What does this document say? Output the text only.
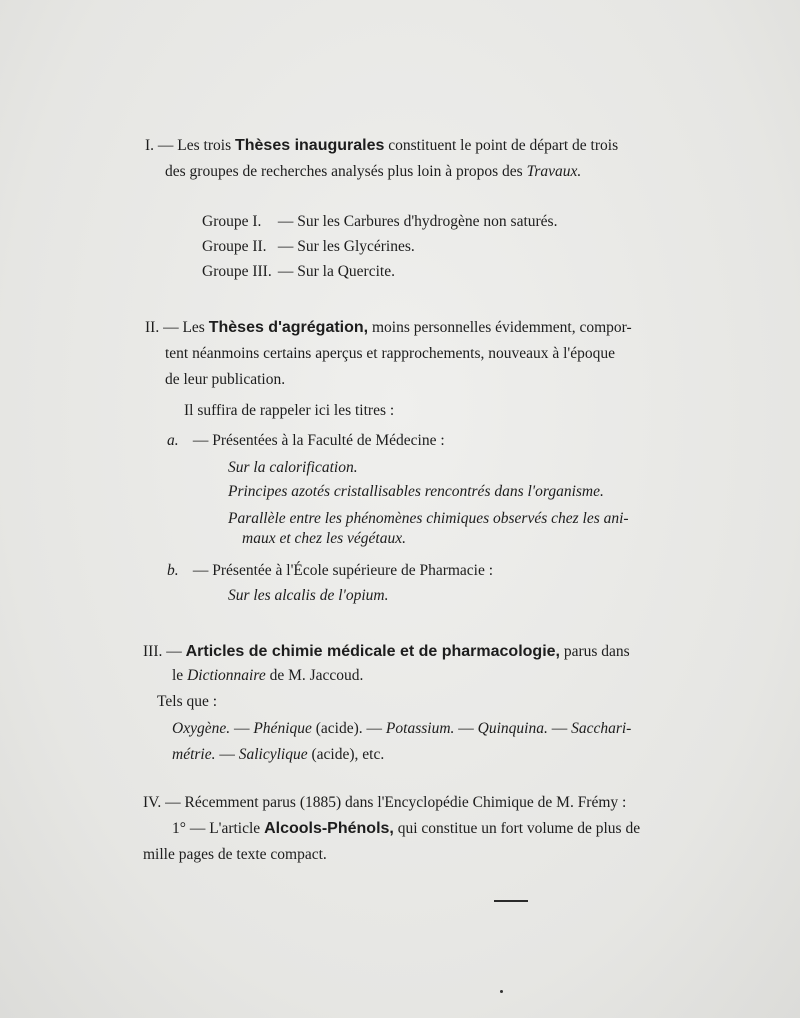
I. — Les trois Thèses inaugurales constituent le point de départ de trois
des groupes de recherches analysés plus loin à propos des Travaux.
Groupe I. — Sur les Carbures d'hydrogène non saturés.
Groupe II. — Sur les Glycérines.
Groupe III. — Sur la Quercite.
II. — Les Thèses d'agrégation, moins personnelles évidemment, compor-
tent néanmoins certains aperçus et rapprochements, nouveaux à l'époque
de leur publication.
Il suffira de rappeler ici les titres :
a. — Présentées à la Faculté de Médecine :
Sur la calorification.
Principes azotés cristallisables rencontrés dans l'organisme.
Parallèle entre les phénomènes chimiques observés chez les ani-
maux et chez les végétaux.
b. — Présentée à l'École supérieure de Pharmacie :
Sur les alcalis de l'opium.
III. — Articles de chimie médicale et de pharmacologie, parus dans
le Dictionnaire de M. Jaccoud.
Tels que :
Oxygène. — Phénique (acide). — Potassium. — Quinquina. — Sacchari-
métrie. — Salicylique (acide), etc.
IV. — Récemment parus (1885) dans l'Encyclopédie Chimique de M. Frémy :
1° — L'article Alcools-Phénols, qui constitue un fort volume de plus de
mille pages de texte compact.
